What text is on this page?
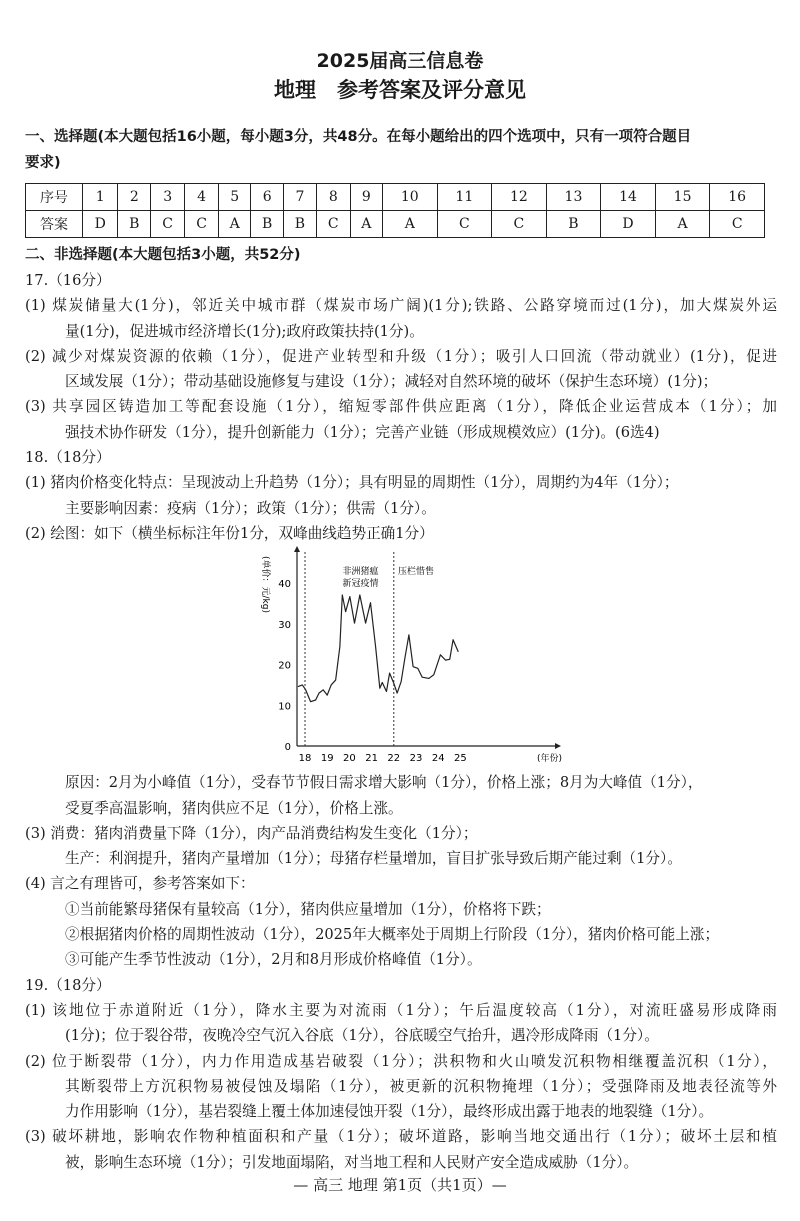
2025届高三信息卷
地理　参考答案及评分意见
一、选择题(本大题包括16小题，每小题3分，共48分。在每小题给出的四个选项中，只有一项符合题目
要求)
序号	1	2	3	4	5	6	7	8	9	10	11	12	13	14	15	16
答案	D	B	C	C	A	B	B	C	A	A	C	C	B	D	A	C
二、非选择题(本大题包括3小题，共52分)
17.（16分）
(1) 煤炭储量大(1分)，邻近关中城市群（煤炭市场广阔)(1分);铁路、公路穿境而过(1分)，加大煤炭外运
量(1分)，促进城市经济增长(1分);政府政策扶持(1分)。
(2) 减少对煤炭资源的依赖（1分），促进产业转型和升级（1分）；吸引人口回流（带动就业）(1分)，促进
区域发展（1分）；带动基础设施修复与建设（1分）；减轻对自然环境的破坏（保护生态环境）(1分)；
(3) 共享园区铸造加工等配套设施（1分），缩短零部件供应距离（1分），降低企业运营成本（1分）；加
强技术协作研发（1分），提升创新能力（1分）；完善产业链（形成规模效应）(1分)。(6选4)
18.（18分）
(1) 猪肉价格变化特点：呈现波动上升趋势（1分）；具有明显的周期性（1分），周期约为4年（1分）；
主要影响因素：疫病（1分）；政策（1分）；供需（1分）。
(2) 绘图：如下（横坐标标注年份1分，双峰曲线趋势正确1分）
18 19 20 21 22 23 24 25
0
10
20
30
40
(年份)
(单价：元/kg)	非洲猪瘟
新冠疫情
压栏惜售
原因：2月为小峰值（1分），受春节节假日需求增大影响（1分），价格上涨；8月为大峰值（1分），
受夏季高温影响，猪肉供应不足（1分），价格上涨。
(3) 消费：猪肉消费量下降（1分），肉产品消费结构发生变化（1分）；
生产：利润提升，猪肉产量增加（1分）；母猪存栏量增加，盲目扩张导致后期产能过剩（1分）。
(4) 言之有理皆可，参考答案如下：
①当前能繁母猪保有量较高（1分），猪肉供应量增加（1分），价格将下跌；
②根据猪肉价格的周期性波动（1分），2025年大概率处于周期上行阶段（1分），猪肉价格可能上涨；
③可能产生季节性波动（1分），2月和8月形成价格峰值（1分）。
19.（18分）
(1) 该地位于赤道附近（1分），降水主要为对流雨（1分）；午后温度较高（1分），对流旺盛易形成降雨
(1分)；位于裂谷带，夜晚冷空气沉入谷底（1分），谷底暖空气抬升，遇冷形成降雨（1分）。
(2) 位于断裂带（1分），内力作用造成基岩破裂（1分）；洪积物和火山喷发沉积物相继覆盖沉积（1分），
其断裂带上方沉积物易被侵蚀及塌陷（1分），被更新的沉积物掩埋（1分）；受强降雨及地表径流等外
力作用影响（1分），基岩裂缝上覆土体加速侵蚀开裂（1分），最终形成出露于地表的地裂缝（1分）。
(3) 破坏耕地，影响农作物种植面积和产量（1分）；破坏道路，影响当地交通出行（1分）；破坏土层和植
被，影响生态环境（1分）；引发地面塌陷，对当地工程和人民财产安全造成威胁（1分）。
— 高三 地理 第1页（共1页）—
